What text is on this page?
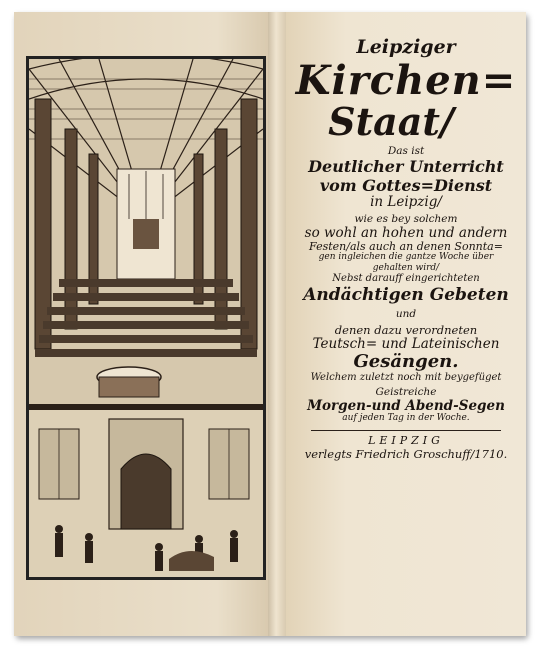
Leipziger
Kirchen=
Staat/
Das ist
Deutlicher Unterricht
vom Gottes=Dienst
in Leipzig/
wie es bey solchem
so wohl an hohen und andern
Festen/als auch an denen Sonnta=
gen ingleichen die gantze Woche über
gehalten wird/
Nebst darauff eingerichteten
Andächtigen Gebeten
und
denen dazu verordneten
Teutsch= und Lateinischen
Gesängen.
Welchem zuletzt noch mit beygefüget
Geistreiche
Morgen-und Abend-Segen
auf jeden Tag in der Woche.
LEIPZIG
verlegts Friedrich Groschuff/1710.
